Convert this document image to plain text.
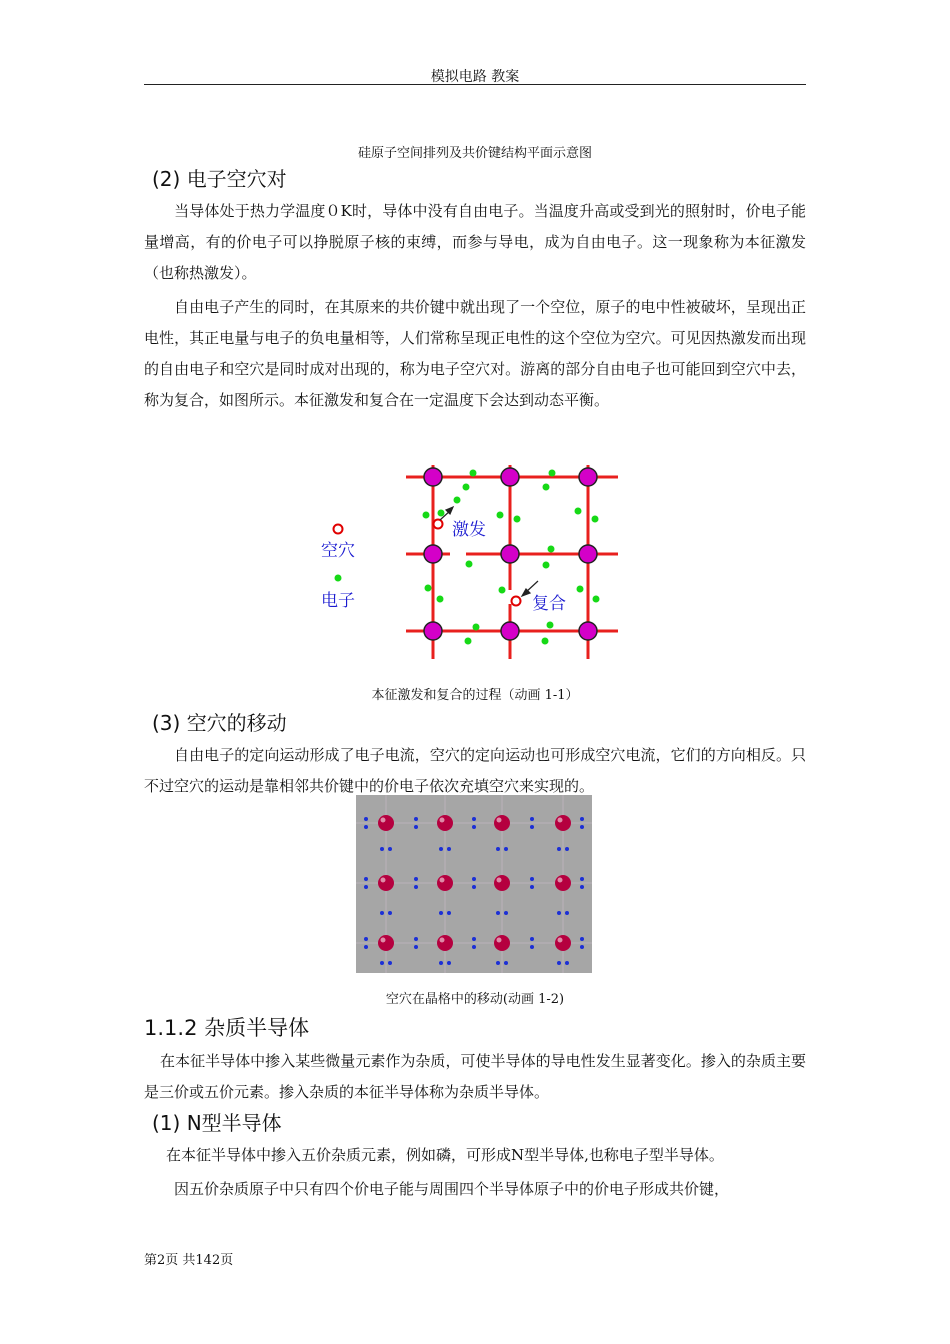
模拟电路 教案
硅原子空间排列及共价键结构平面示意图
(2) 电子空穴对
当导体处于热力学温度０K时，导体中没有自由电子。当温度升高或受到光的照射时，价电子能量增高，有的价电子可以挣脱原子核的束缚，而参与导电，成为自由电子。这一现象称为本征激发（也称热激发）。
自由电子产生的同时，在其原来的共价键中就出现了一个空位，原子的电中性被破坏，呈现出正电性，其正电量与电子的负电量相等，人们常称呈现正电性的这个空位为空穴。可见因热激发而出现的自由电子和空穴是同时成对出现的，称为电子空穴对。游离的部分自由电子也可能回到空穴中去，称为复合，如图所示。本征激发和复合在一定温度下会达到动态平衡。
空穴
电子
激发
复合
本征激发和复合的过程（动画 1-1）
(3) 空穴的移动
自由电子的定向运动形成了电子电流，空穴的定向运动也可形成空穴电流，它们的方向相反。只不过空穴的运动是靠相邻共价键中的价电子依次充填空穴来实现的。
空穴在晶格中的移动(动画 1-2)
1.1.2 杂质半导体
在本征半导体中掺入某些微量元素作为杂质，可使半导体的导电性发生显著变化。掺入的杂质主要是三价或五价元素。掺入杂质的本征半导体称为杂质半导体。
(1) N型半导体
在本征半导体中掺入五价杂质元素，例如磷，可形成N型半导体,也称电子型半导体。
因五价杂质原子中只有四个价电子能与周围四个半导体原子中的价电子形成共价键，
第2页 共142页
